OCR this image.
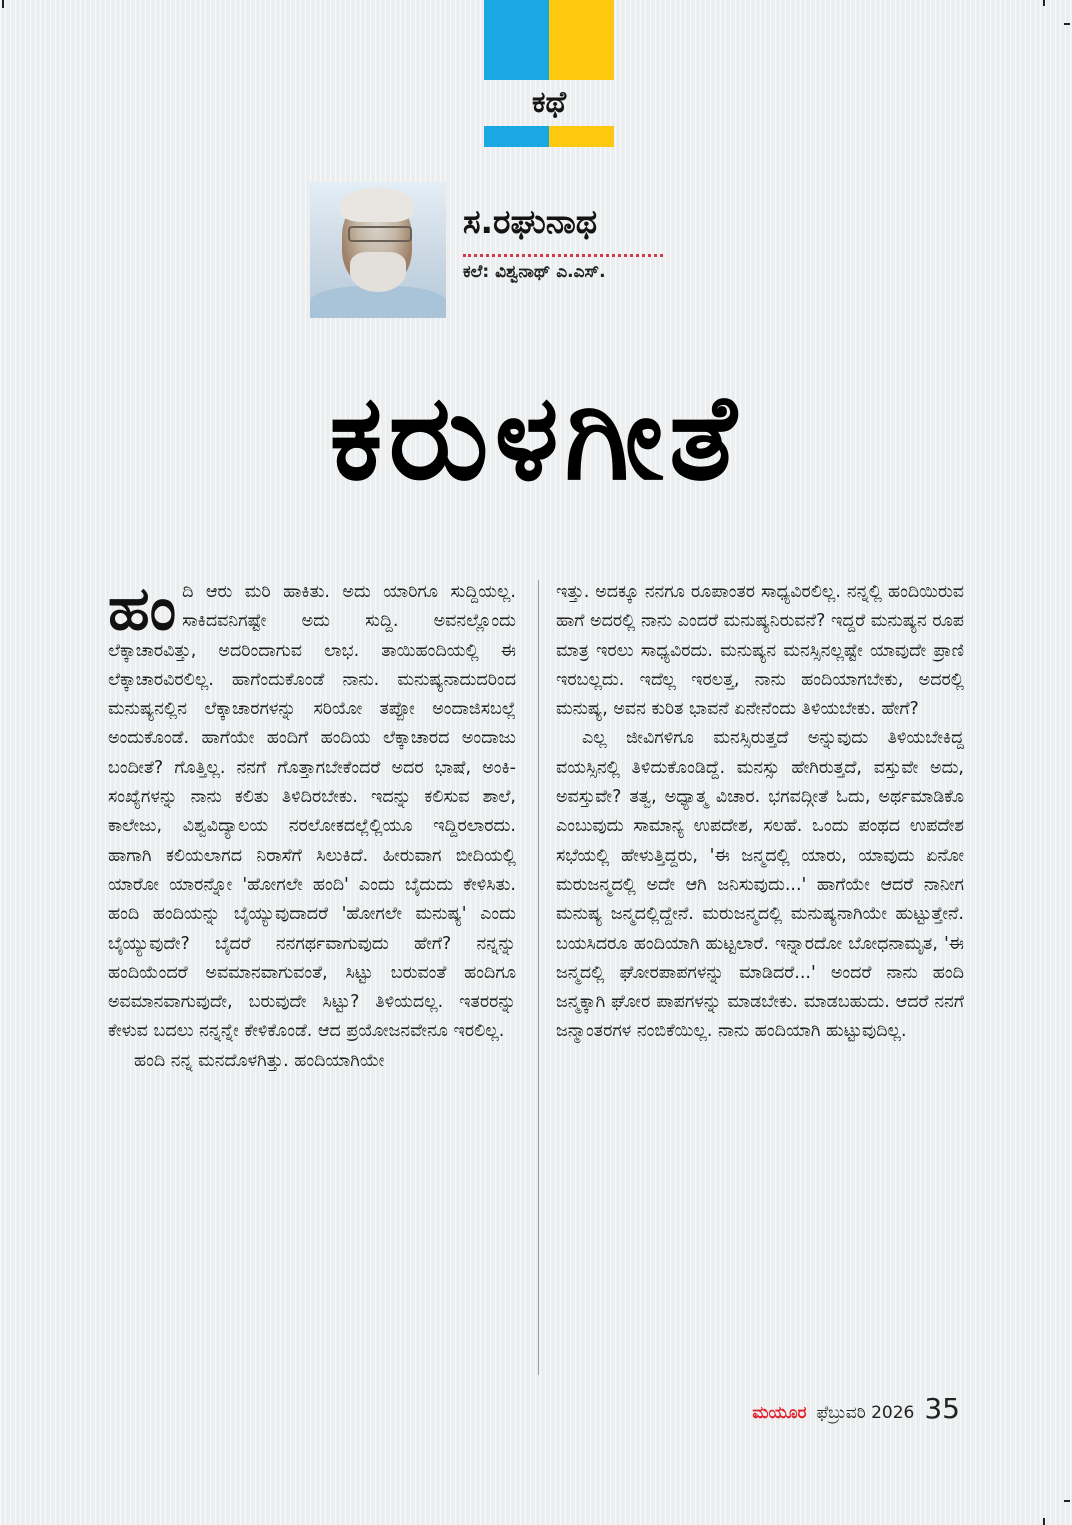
ಕಥೆ
ಸ.ರಘುನಾಥ
ಕಲೆ: ವಿಶ್ವನಾಥ್ ಎ.ಎಸ್.
ಕರುಳಗೀತೆ

ಹಂದಿ ಆರು ಮರಿ ಹಾಕಿತು. ಅದು ಯಾರಿಗೂ ಸುದ್ದಿಯಲ್ಲ. ಸಾಕಿದವನಿಗಷ್ಟೇ ಅದು ಸುದ್ದಿ. ಅವನಲ್ಲೊಂದು ಲೆಕ್ಕಾಚಾರವಿತ್ತು, ಅದರಿಂದಾಗುವ ಲಾಭ. ತಾಯಿಹಂದಿಯಲ್ಲಿ ಈ ಲೆಕ್ಕಾಚಾರವಿರಲಿಲ್ಲ. ಹಾಗೆಂದುಕೊಂಡೆ ನಾನು. ಮನುಷ್ಯನಾದುದರಿಂದ ಮನುಷ್ಯನಲ್ಲಿನ ಲೆಕ್ಕಾಚಾರಗಳನ್ನು ಸರಿಯೋ ತಪ್ಪೋ ಅಂದಾಜಿಸಬಲ್ಲೆ ಅಂದುಕೊಂಡೆ. ಹಾಗೆಯೇ ಹಂದಿಗೆ ಹಂದಿಯ ಲೆಕ್ಕಾಚಾರದ ಅಂದಾಜು ಬಂದೀತೆ? ಗೊತ್ತಿಲ್ಲ. ನನಗೆ ಗೊತ್ತಾಗಬೇಕೆಂದರೆ ಅದರ ಭಾಷೆ, ಅಂಕಿ- ಸಂಖ್ಯೆಗಳನ್ನು ನಾನು ಕಲಿತು ತಿಳಿದಿರಬೇಕು. ಇದನ್ನು ಕಲಿಸುವ ಶಾಲೆ, ಕಾಲೇಜು, ವಿಶ್ವವಿದ್ಯಾಲಯ ನರಲೋಕದಲ್ಲೆಲ್ಲಿಯೂ ಇದ್ದಿರಲಾರದು. ಹಾಗಾಗಿ ಕಲಿಯಲಾಗದ ನಿರಾಸೆಗೆ ಸಿಲುಕಿದೆ. ಹೀರುವಾಗ ಬೀದಿಯಲ್ಲಿ ಯಾರೋ ಯಾರನ್ನೋ 'ಹೋಗಲೇ ಹಂದಿ' ಎಂದು ಬೈದುದು ಕೇಳಿಸಿತು. ಹಂದಿ ಹಂದಿಯನ್ನು ಬೈಯ್ಯುವುದಾದರೆ 'ಹೋಗಲೇ ಮನುಷ್ಯ' ಎಂದು ಬೈಯ್ಯುವುದೇ? ಬೈದರೆ ನನಗರ್ಥವಾಗುವುದು ಹೇಗೆ? ನನ್ನನ್ನು ಹಂದಿಯೆಂದರೆ ಅವಮಾನವಾಗುವಂತೆ, ಸಿಟ್ಟು ಬರುವಂತೆ ಹಂದಿಗೂ ಅವಮಾನವಾಗುವುದೇ, ಬರುವುದೇ ಸಿಟ್ಟು? ತಿಳಿಯದಲ್ಲ. ಇತರರನ್ನು ಕೇಳುವ ಬದಲು ನನ್ನನ್ನೇ ಕೇಳಿಕೊಂಡೆ. ಆದ ಪ್ರಯೋಜನವೇನೂ ಇರಲಿಲ್ಲ.

ಹಂದಿ ನನ್ನ ಮನದೊಳಗಿತ್ತು. ಹಂದಿಯಾಗಿಯೇ

ಇತ್ತು. ಅದಕ್ಕೂ ನನಗೂ ರೂಪಾಂತರ ಸಾಧ್ಯವಿರಲಿಲ್ಲ. ನನ್ನಲ್ಲಿ ಹಂದಿಯಿರುವ ಹಾಗೆ ಅದರಲ್ಲಿ ನಾನು ಎಂದರೆ ಮನುಷ್ಯನಿರುವನೆ? ಇದ್ದರೆ ಮನುಷ್ಯನ ರೂಪ ಮಾತ್ರ ಇರಲು ಸಾಧ್ಯವಿರದು. ಮನುಷ್ಯನ ಮನಸ್ಸಿನಲ್ಲಷ್ಟೇ ಯಾವುದೇ ಪ್ರಾಣಿ ಇರಬಲ್ಲದು. ಇದೆಲ್ಲ ಇರಲತ್ತ, ನಾನು ಹಂದಿಯಾಗಬೇಕು, ಅದರಲ್ಲಿ ಮನುಷ್ಯ, ಅವನ ಕುರಿತ ಭಾವನೆ ಏನೇನೆಂದು ತಿಳಿಯಬೇಕು. ಹೇಗೆ?

ಎಲ್ಲ ಜೀವಿಗಳಿಗೂ ಮನಸ್ಸಿರುತ್ತದೆ ಅನ್ನುವುದು ತಿಳಿಯಬೇಕಿದ್ದ ವಯಸ್ಸಿನಲ್ಲಿ ತಿಳಿದುಕೊಂಡಿದ್ದೆ. ಮನಸ್ಸು ಹೇಗಿರುತ್ತದೆ, ವಸ್ತುವೇ ಅದು, ಅವಸ್ತುವೇ? ತತ್ವ, ಅಧ್ಯಾತ್ಮ ವಿಚಾರ. ಭಗವದ್ಗೀತೆ ಓದು, ಅರ್ಥಮಾಡಿಕೊ ಎಂಬುವುದು ಸಾಮಾನ್ಯ ಉಪದೇಶ, ಸಲಹೆ. ಒಂದು ಪಂಥದ ಉಪದೇಶ ಸಭೆಯಲ್ಲಿ ಹೇಳುತ್ತಿದ್ದರು, 'ಈ ಜನ್ಮದಲ್ಲಿ ಯಾರು, ಯಾವುದು ಏನೋ ಮರುಜನ್ಮದಲ್ಲಿ ಅದೇ ಆಗಿ ಜನಿಸುವುದು...' ಹಾಗೆಯೇ ಆದರೆ ನಾನೀಗ ಮನುಷ್ಯ ಜನ್ಮದಲ್ಲಿದ್ದೇನೆ. ಮರುಜನ್ಮದಲ್ಲಿ ಮನುಷ್ಯನಾಗಿಯೇ ಹುಟ್ಟುತ್ತೇನೆ. ಬಯಸಿದರೂ ಹಂದಿಯಾಗಿ ಹುಟ್ಟಲಾರೆ. ಇನ್ನಾರದೋ ಬೋಧನಾಮೃತ, 'ಈ ಜನ್ಮದಲ್ಲಿ ಘೋರಪಾಪಗಳನ್ನು ಮಾಡಿದರೆ...' ಅಂದರೆ ನಾನು ಹಂದಿ ಜನ್ಮಕ್ಕಾಗಿ ಘೋರ ಪಾಪಗಳನ್ನು ಮಾಡಬೇಕು. ಮಾಡಬಹುದು. ಆದರೆ ನನಗೆ ಜನ್ಮಾಂತರಗಳ ನಂಬಿಕೆಯಿಲ್ಲ. ನಾನು ಹಂದಿಯಾಗಿ ಹುಟ್ಟುವುದಿಲ್ಲ.

ಮಯೂರ ಫೆಬ್ರುವರಿ 2026 35
